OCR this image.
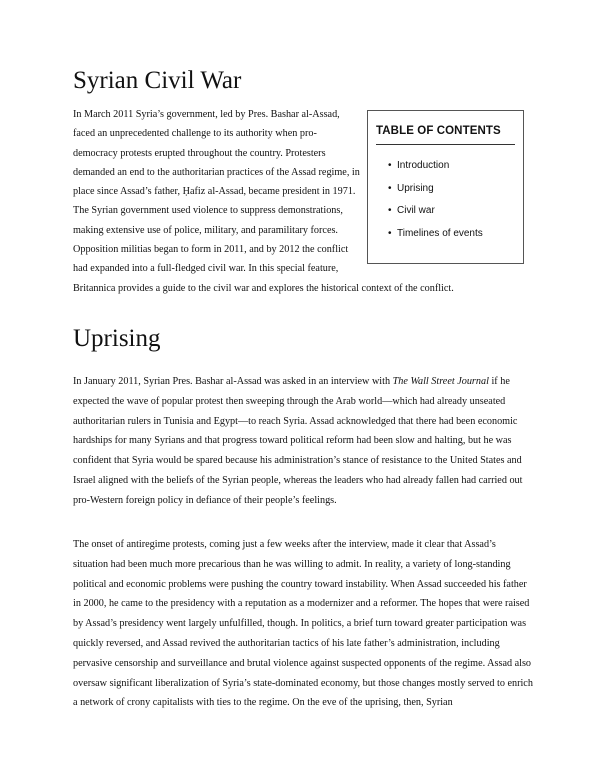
Syrian Civil War
TABLE OF CONTENTS
• Introduction
• Uprising
• Civil war
• Timelines of events

In March 2011 Syria’s government, led by Pres. Bashar al-Assad, faced an unprecedented challenge to its authority when pro-democracy protests erupted throughout the country. Protesters demanded an end to the authoritarian practices of the Assad regime, in place since Assad’s father, Ḥafiz al-Assad, became president in 1971. The Syrian government used violence to suppress demonstrations, making extensive use of police, military, and paramilitary forces. Opposition militias began to form in 2011, and by 2012 the conflict had expanded into a full-fledged civil war. In this special feature, Britannica provides a guide to the civil war and explores the historical context of the conflict.

Uprising

In January 2011, Syrian Pres. Bashar al-Assad was asked in an interview with The Wall Street Journal if he expected the wave of popular protest then sweeping through the Arab world—which had already unseated authoritarian rulers in Tunisia and Egypt—to reach Syria. Assad acknowledged that there had been economic hardships for many Syrians and that progress toward political reform had been slow and halting, but he was confident that Syria would be spared because his administration’s stance of resistance to the United States and Israel aligned with the beliefs of the Syrian people, whereas the leaders who had already fallen had carried out pro-Western foreign policy in defiance of their people’s feelings.

The onset of antiregime protests, coming just a few weeks after the interview, made it clear that Assad’s situation had been much more precarious than he was willing to admit. In reality, a variety of long-standing political and economic problems were pushing the country toward instability. When Assad succeeded his father in 2000, he came to the presidency with a reputation as a modernizer and a reformer. The hopes that were raised by Assad’s presidency went largely unfulfilled, though. In politics, a brief turn toward greater participation was quickly reversed, and Assad revived the authoritarian tactics of his late father’s administration, including pervasive censorship and surveillance and brutal violence against suspected opponents of the regime. Assad also oversaw significant liberalization of Syria’s state-dominated economy, but those changes mostly served to enrich a network of crony capitalists with ties to the regime. On the eve of the uprising, then, Syrian
